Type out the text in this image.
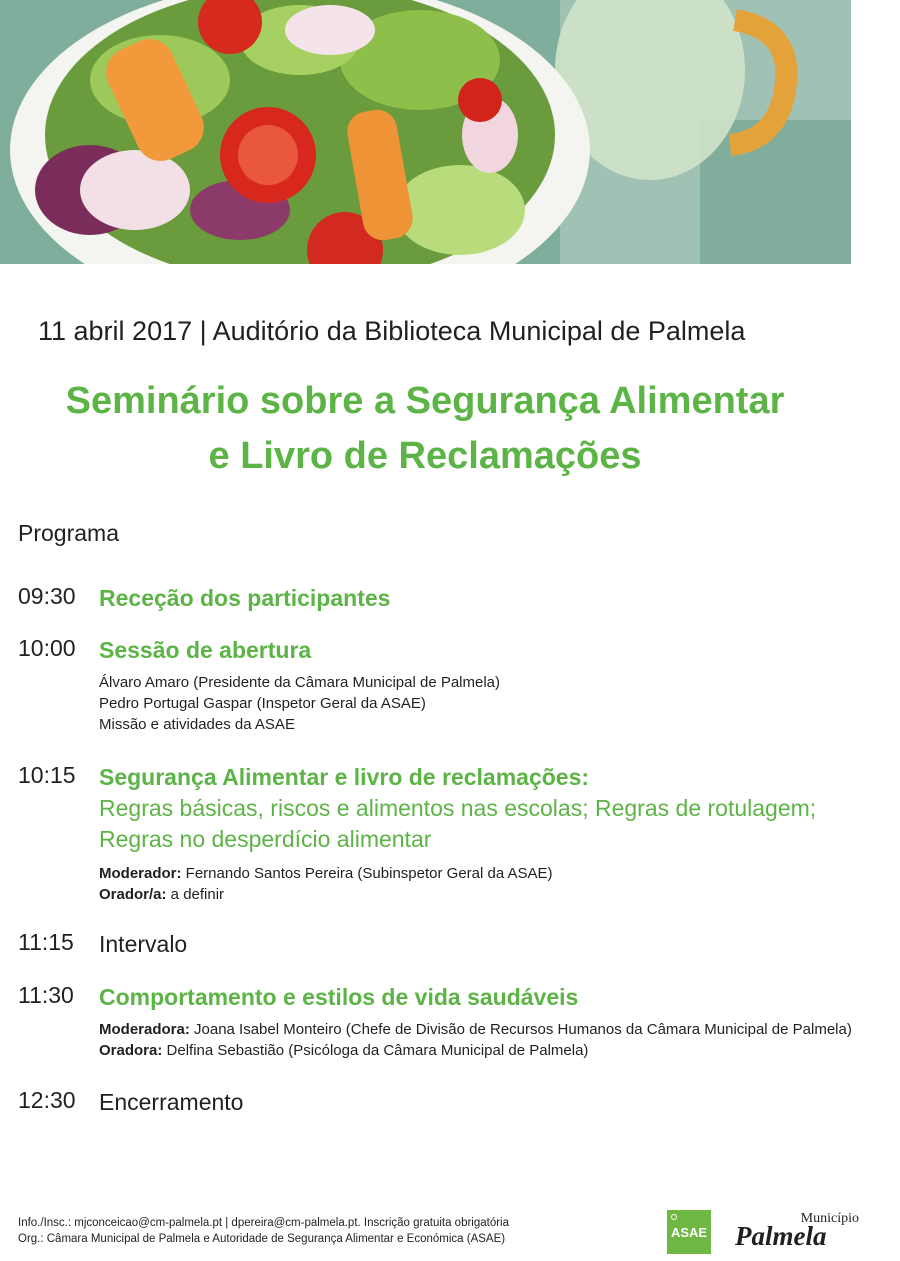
11 abril 2017 | Auditório da Biblioteca Municipal de Palmela
Seminário sobre a Segurança Alimentar
e Livro de Reclamações
Programa
09:30 Receção dos participantes
10:00 Sessão de abertura
Álvaro Amaro (Presidente da Câmara Municipal de Palmela)
Pedro Portugal Gaspar (Inspetor Geral da ASAE)
Missão e atividades da ASAE
10:15 Segurança Alimentar e livro de reclamações:
Regras básicas, riscos e alimentos nas escolas; Regras de rotulagem;
Regras no desperdício alimentar
Moderador: Fernando Santos Pereira (Subinspetor Geral da ASAE)
Orador/a: a definir
11:15 Intervalo
11:30 Comportamento e estilos de vida saudáveis
Moderadora: Joana Isabel Monteiro (Chefe de Divisão de Recursos Humanos da Câmara Municipal de Palmela)
Oradora: Delfina Sebastião (Psicóloga da Câmara Municipal de Palmela)
12:30 Encerramento
Info./Insc.: mjconceicao@cm-palmela.pt | dpereira@cm-palmela.pt. Inscrição gratuita obrigatória
Org.: Câmara Municipal de Palmela e Autoridade de Segurança Alimentar e Económica (ASAE)	ASAE
Município
Palmela
